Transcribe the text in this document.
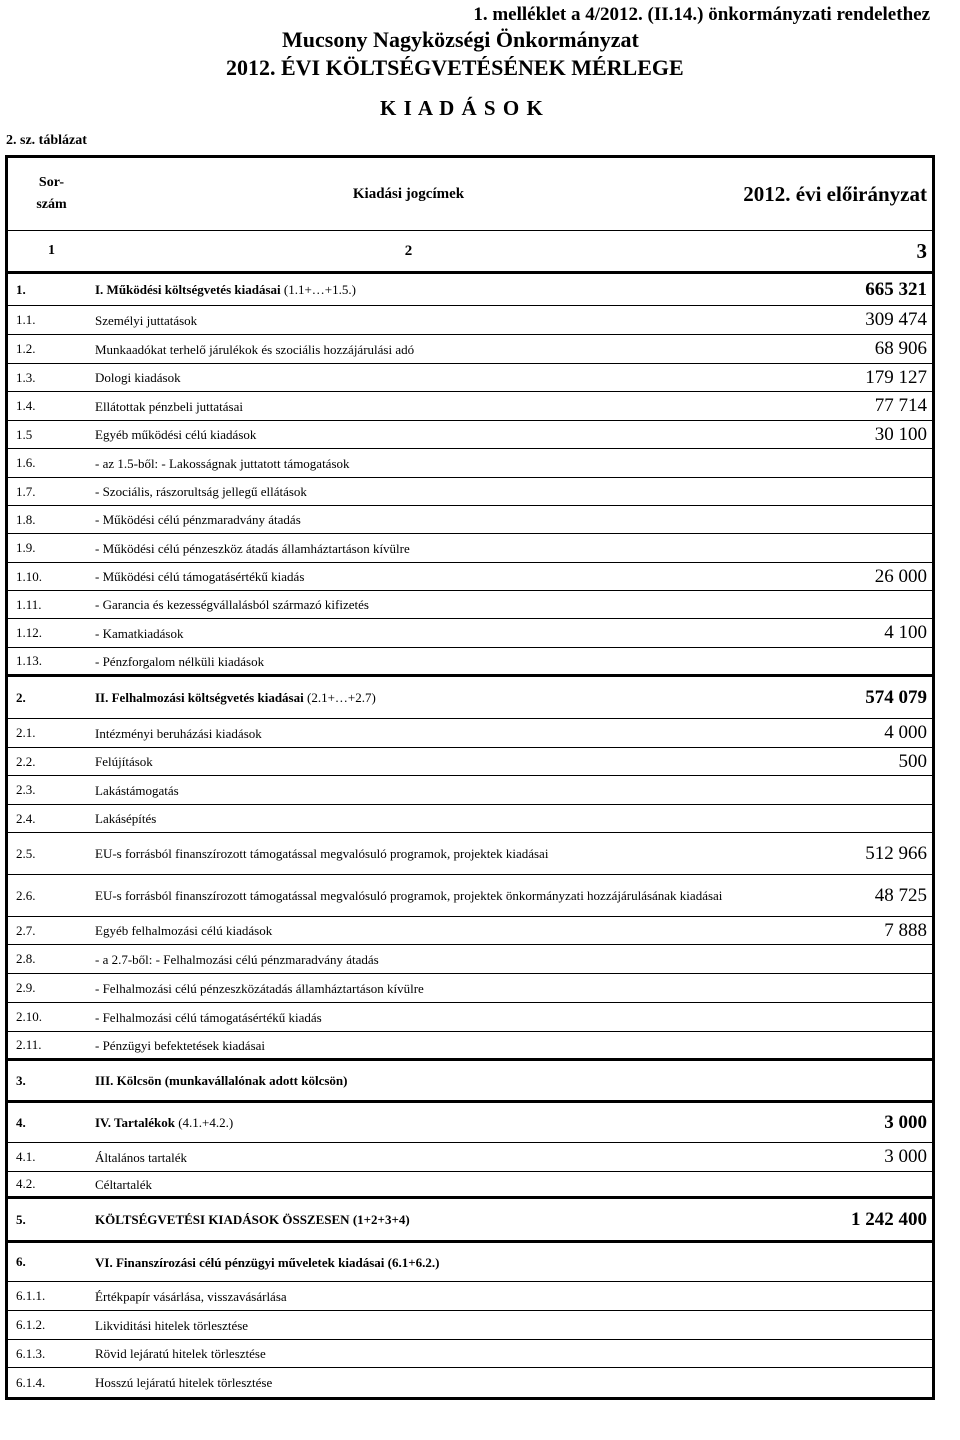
1. melléklet a 4/2012. (II.14.) önkormányzati rendelethez
Mucsony Nagyközségi Önkormányzat
2012. ÉVI KÖLTSÉGVETÉSÉNEK MÉRLEGE
K I A D Á S O K
2. sz. táblázat
Sor-
szám
Kiadási jogcímek	2012. évi előirányzat
1	2	3
1.	I. Működési költségvetés kiadásai (1.1+…+1.5.)	665 321
1.1.	Személyi juttatások	309 474
1.2.	Munkaadókat terhelő járulékok és szociális hozzájárulási adó	68 906
1.3.	Dologi kiadások	179 127
1.4.	Ellátottak pénzbeli juttatásai	77 714
1.5	Egyéb működési célú kiadások	30 100
1.6.	- az 1.5-ből: - Lakosságnak juttatott támogatások
1.7.	- Szociális, rászorultság jellegű ellátások
1.8.	- Működési célú pénzmaradvány átadás
1.9.	- Működési célú pénzeszköz átadás államháztartáson kívülre
1.10.	- Működési célú támogatásértékű kiadás	26 000
1.11.	- Garancia és kezességvállalásból származó kifizetés
1.12.	- Kamatkiadások	4 100
1.13.	- Pénzforgalom nélküli kiadások
2.	II. Felhalmozási költségvetés kiadásai (2.1+…+2.7)	574 079
2.1.	Intézményi beruházási kiadások	4 000
2.2.	Felújítások	500
2.3.	Lakástámogatás
2.4.	Lakásépítés
2.5.	EU-s forrásból finanszírozott támogatással megvalósuló programok, projektek kiadásai	512 966
2.6.	EU-s forrásból finanszírozott támogatással megvalósuló programok, projektek önkormányzati hozzájárulásának kiadásai	48 725
2.7.	Egyéb felhalmozási célú kiadások	7 888
2.8.	- a 2.7-ből: - Felhalmozási célú pénzmaradvány átadás
2.9.	- Felhalmozási célú pénzeszközátadás államháztartáson kívülre
2.10.	- Felhalmozási célú támogatásértékű kiadás
2.11.	- Pénzügyi befektetések kiadásai
3.	III. Kölcsön (munkavállalónak adott kölcsön)
4.	IV. Tartalékok (4.1.+4.2.)	3 000
4.1.	Általános tartalék	3 000
4.2.	Céltartalék
5.	KÖLTSÉGVETÉSI KIADÁSOK ÖSSZESEN (1+2+3+4)	1 242 400
6.	VI. Finanszírozási célú pénzügyi műveletek kiadásai (6.1+6.2.)
6.1.1.	Értékpapír vásárlása, visszavásárlása
6.1.2.	Likviditási hitelek törlesztése
6.1.3.	Rövid lejáratú hitelek törlesztése
6.1.4.	Hosszú lejáratú hitelek törlesztése
